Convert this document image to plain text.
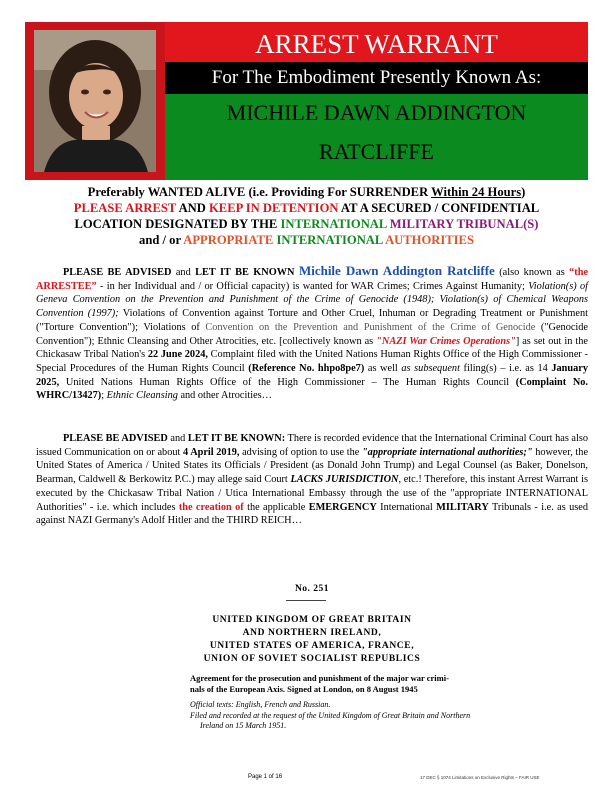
ARREST WARRANT
For The Embodiment Presently Known As:
MICHILE DAWN ADDINGTON
RATCLIFFE
Preferably WANTED ALIVE (i.e. Providing For SURRENDER Within 24 Hours)
PLEASE ARREST AND KEEP IN DETENTION AT A SECURED / CONFIDENTIAL
LOCATION DESIGNATED BY THE INTERNATIONAL MILITARY TRIBUNAL(S)
and / or APPROPRIATE INTERNATIONAL AUTHORITIES
PLEASE BE ADVISED and LET IT BE KNOWN Michile Dawn Addington Ratcliffe (also known as “the ARRESTEE” - in her Individual and / or Official capacity) is wanted for WAR Crimes; Crimes Against Humanity; Violation(s) of Geneva Convention on the Prevention and Punishment of the Crime of Genocide (1948); Violation(s) of Chemical Weapons Convention (1997); Violations of Convention against Torture and Other Cruel, Inhuman or Degrading Treatment or Punishment ("Torture Convention"); Violations of Convention on the Prevention and Punishment of the Crime of Genocide ("Genocide Convention"); Ethnic Cleansing and Other Atrocities, etc. [collectively known as "NAZI War Crimes Operations"] as set out in the Chickasaw Tribal Nation's 22 June 2024, Complaint filed with the United Nations Human Rights Office of the High Commissioner - Special Procedures of the Human Rights Council (Reference No. hhpo8pe7) as well as subsequent filing(s) – i.e. as 14 January 2025, United Nations Human Rights Office of the High Commissioner – The Human Rights Council (Complaint No. WHRC/13427); Ethnic Cleansing and other Atrocities…
PLEASE BE ADVISED and LET IT BE KNOWN: There is recorded evidence that the International Criminal Court has also issued Communication on or about 4 April 2019, advising of option to use the "appropriate international authorities;" however, the United States of America / United States its Officials / President (as Donald John Trump) and Legal Counsel (as Baker, Donelson, Bearman, Caldwell & Berkowitz P.C.) may allege said Court LACKS JURISDICTION, etc.! Therefore, this instant Arrest Warrant is executed by the Chickasaw Tribal Nation / Utica International Embassy through the use of the "appropriate INTERNATIONAL Authorities" - i.e. which includes the creation of the applicable EMERGENCY International MILITARY Tribunals - i.e. as used against NAZI Germany's Adolf Hitler and the THIRD REICH…
No. 251
UNITED KINGDOM OF GREAT BRITAIN
AND NORTHERN IRELAND,
UNITED STATES OF AMERICA, FRANCE,
UNION OF SOVIET SOCIALIST REPUBLICS
Agreement for the prosecution and punishment of the major war crimi-
nals of the European Axis. Signed at London, on 8 August 1945
Official texts: English, French and Russian.
Filed and recorded at the request of the United Kingdom of Great Britain and Northern
Ireland on 15 March 1951.
Page 1 of 16	17 DEC § 1074 Limitations on Exclusive Rights – FAIR USE
